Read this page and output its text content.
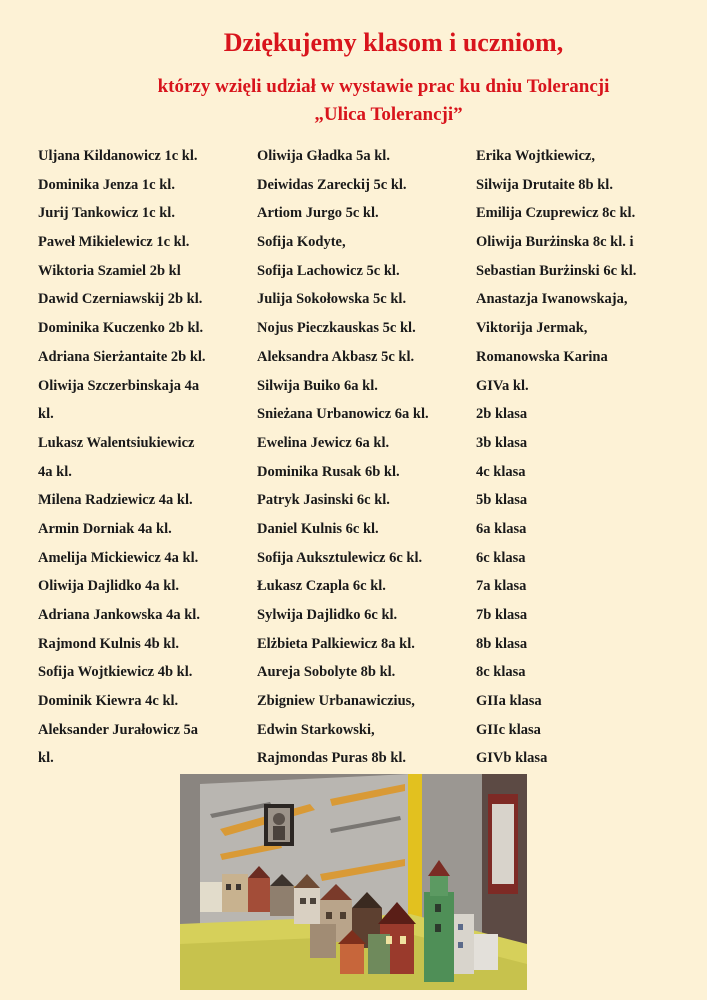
Dziękujemy klasom i uczniom,
którzy wzięli udział w wystawie prac ku dniu Tolerancji
„Ulica Tolerancji”
Uljana Kildanowicz 1c kl.
Dominika Jenza 1c kl.
Jurij Tankowicz 1c kl.
Paweł Mikielewicz 1c kl.
Wiktoria Szamiel 2b kl
Dawid Czerniawskij 2b kl.
Dominika Kuczenko 2b kl.
Adriana Sierżantaite 2b kl.
Oliwija Szczerbinskaja 4a
kl.
Lukasz Walentsiukiewicz
4a kl.
Milena Radziewicz 4a kl.
Armin Dorniak 4a kl.
Amelija Mickiewicz 4a kl.
Oliwija Dajlidko 4a kl.
Adriana Jankowska 4a kl.
Rajmond Kulnis 4b kl.
Sofija Wojtkiewicz 4b kl.
Dominik Kiewra 4c kl.
Aleksander Jurałowicz 5a
kl.
Oliwija Gładka 5a kl.
Deiwidas Zareckij 5c kl.
Artiom Jurgo 5c kl.
Sofija Kodyte,
Sofija Lachowicz 5c kl.
Julija Sokołowska 5c kl.
Nojus Pieczkauskas 5c kl.
Aleksandra Akbasz 5c kl.
Silwija Buiko 6a kl.
Snieżana Urbanowicz 6a kl.
Ewelina Jewicz 6a kl.
Dominika Rusak 6b kl.
Patryk Jasinski 6c kl.
Daniel Kulnis 6c kl.
Sofija Auksztulewicz 6c kl.
Łukasz Czapla 6c kl.
Sylwija Dajlidko 6c kl.
Elżbieta Palkiewicz 8a kl.
Aureja Sobolyte 8b kl.
Zbigniew Urbanawiczius,
Edwin Starkowski,
Rajmondas Puras 8b kl.
Erika Wojtkiewicz,
Silwija Drutaite 8b kl.
Emilija Czuprewicz 8c kl.
Oliwija Burżinska 8c kl. i
Sebastian Burżinski 6c kl.
Anastazja Iwanowskaja,
Viktorija Jermak,
Romanowska Karina
GIVa kl.
2b klasa
3b klasa
4c klasa
5b klasa
6a klasa
6c klasa
7a klasa
7b klasa
8b klasa
8c klasa
GIIa klasa
GIIc klasa
GIVb klasa
